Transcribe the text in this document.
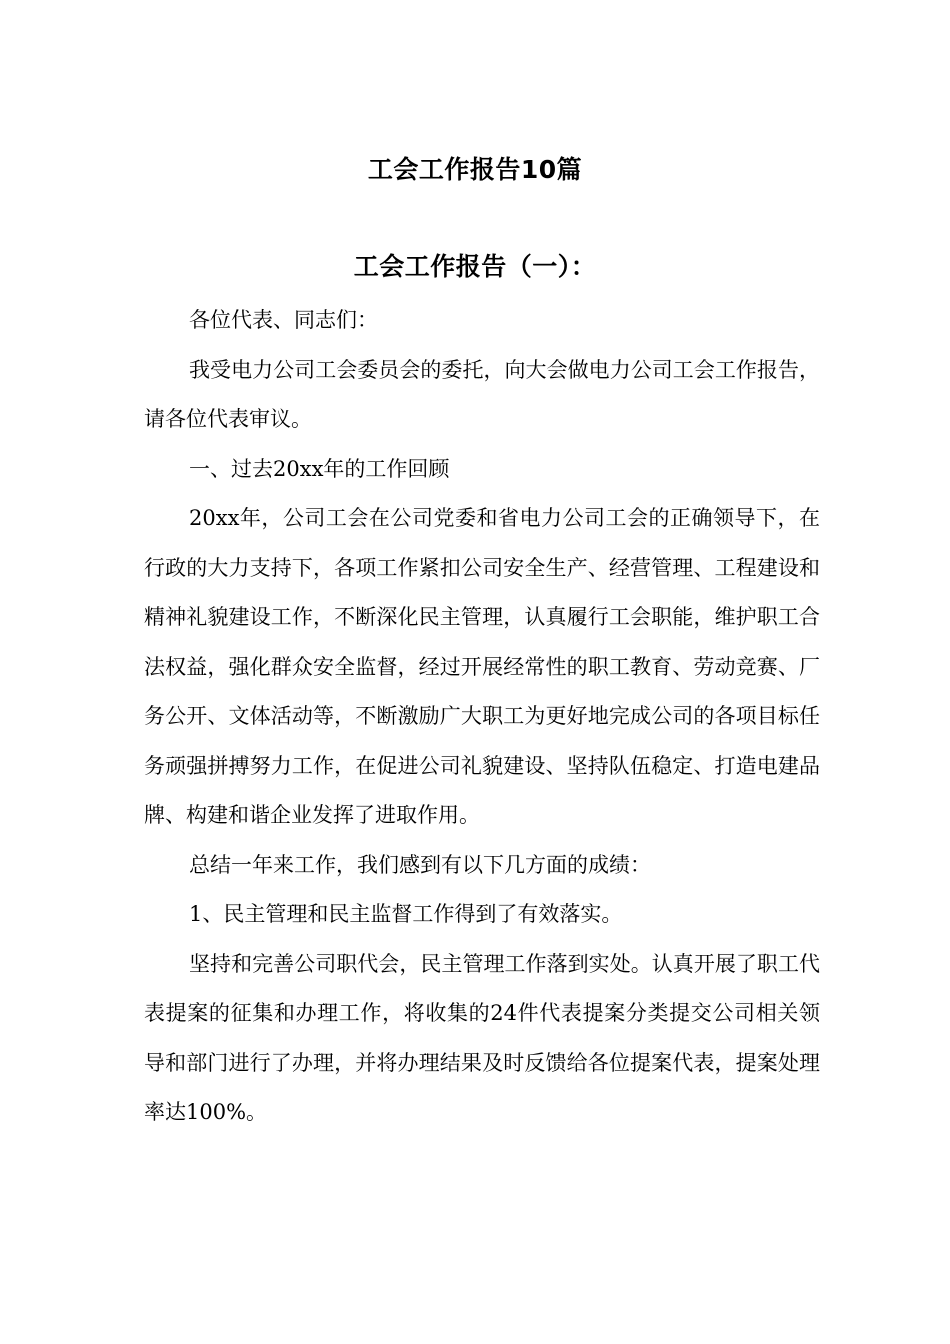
工会工作报告10篇
工会工作报告（一）：

各位代表、同志们：

我受电力公司工会委员会的委托，向大会做电力公司工会工作报告，请各位代表审议。

一、过去20xx年的工作回顾

20xx年，公司工会在公司党委和省电力公司工会的正确领导下，在行政的大力支持下，各项工作紧扣公司安全生产、经营管理、工程建设和精神礼貌建设工作，不断深化民主管理，认真履行工会职能，维护职工合法权益，强化群众安全监督，经过开展经常性的职工教育、劳动竞赛、厂务公开、文体活动等，不断激励广大职工为更好地完成公司的各项目标任务顽强拼搏努力工作，在促进公司礼貌建设、坚持队伍稳定、打造电建品牌、构建和谐企业发挥了进取作用。

总结一年来工作，我们感到有以下几方面的成绩：

1、民主管理和民主监督工作得到了有效落实。

坚持和完善公司职代会，民主管理工作落到实处。认真开展了职工代表提案的征集和办理工作，将收集的24件代表提案分类提交公司相关领导和部门进行了办理，并将办理结果及时反馈给各位提案代表，提案处理率达100%。
